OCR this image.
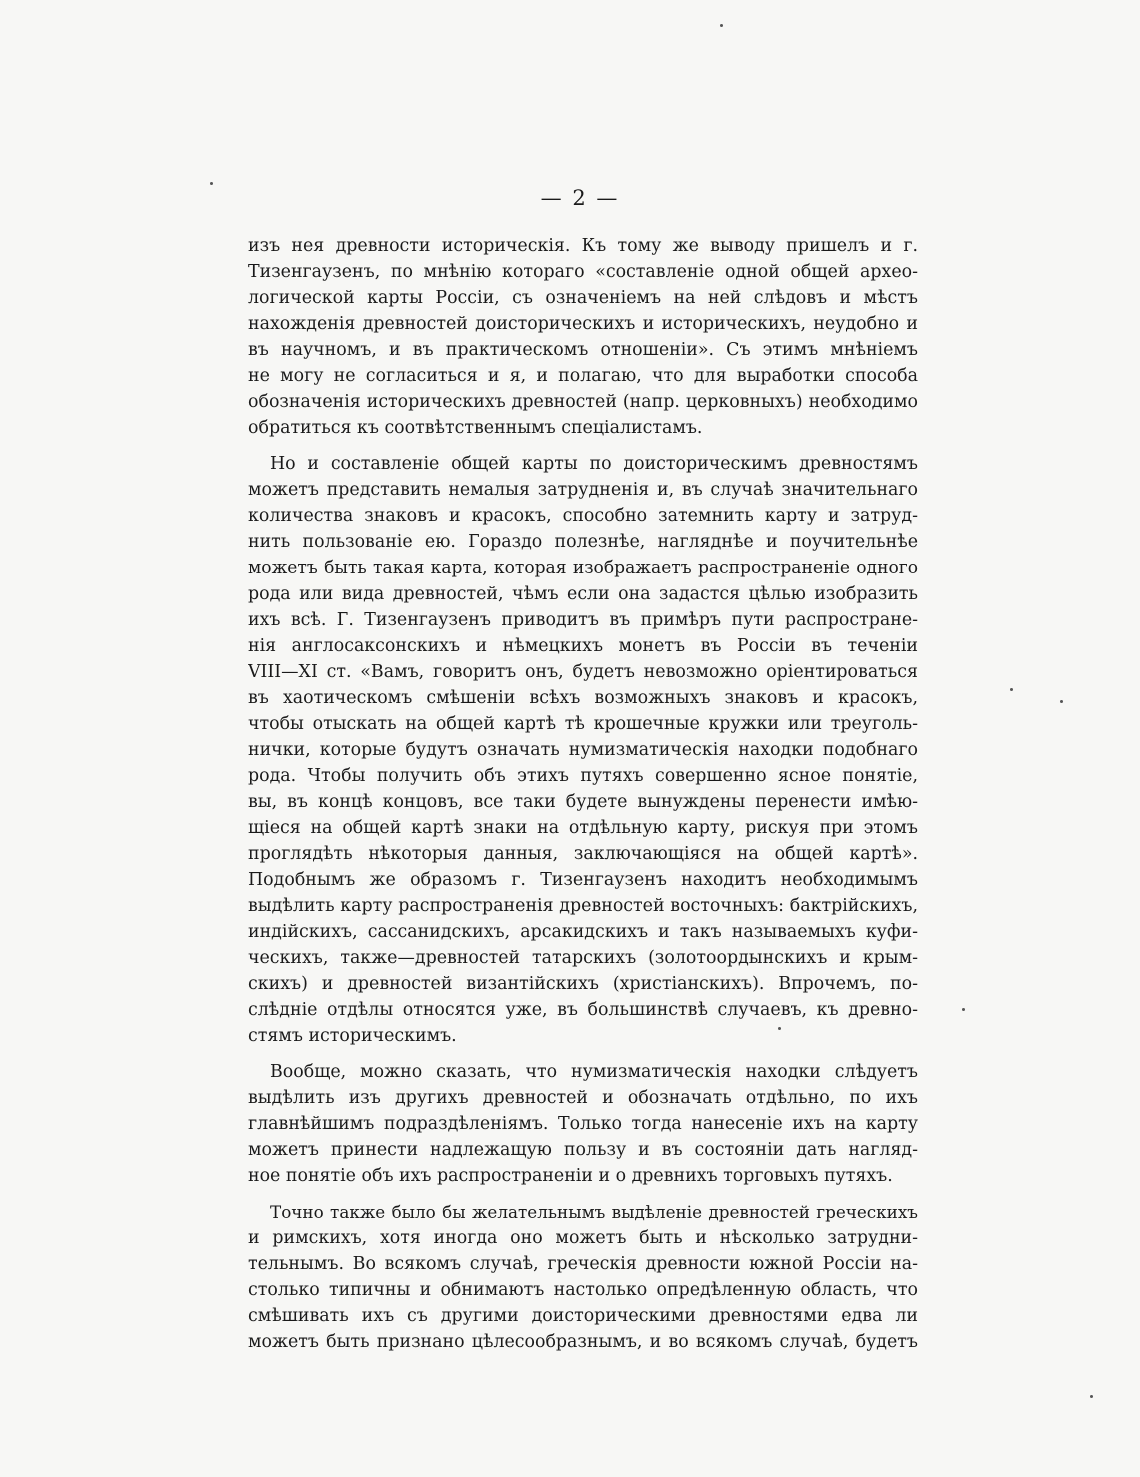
— 2 —
изъ нея древности историческія. Къ тому же выводу пришелъ и г.
Тизенгаузенъ, по мнѣнію котораго «составленіе одной общей архео-
логической карты Россіи, съ означеніемъ на ней слѣдовъ и мѣстъ
нахожденія древностей доисторическихъ и историческихъ, неудобно и
въ научномъ, и въ практическомъ отношеніи». Съ этимъ мнѣніемъ
не могу не согласиться и я, и полагаю, что для выработки способа
обозначенія историческихъ древностей (напр. церковныхъ) необходимо
обратиться къ соотвѣтственнымъ спеціалистамъ.
Но и составленіе общей карты по доисторическимъ древностямъ
можетъ представить немалыя затрудненія и, въ случаѣ значительнаго
количества знаковъ и красокъ, способно затемнить карту и затруд-
нить пользованіе ею. Гораздо полезнѣе, нагляднѣе и поучительнѣе
можетъ быть такая карта, которая изображаетъ распространеніе одного
рода или вида древностей, чѣмъ если она задастся цѣлью изобразить
ихъ всѣ. Г. Тизенгаузенъ приводитъ въ примѣръ пути распростране-
нія англосаксонскихъ и нѣмецкихъ монетъ въ Россіи въ теченіи
VIII—XI ст. «Вамъ, говоритъ онъ, будетъ невозможно оріентироваться
въ хаотическомъ смѣшеніи всѣхъ возможныхъ знаковъ и красокъ,
чтобы отыскать на общей картѣ тѣ крошечные кружки или треуголь-
нички, которые будутъ означать нумизматическія находки подобнаго
рода. Чтобы получить объ этихъ путяхъ совершенно ясное понятіе,
вы, въ концѣ концовъ, все таки будете вынуждены перенести имѣю-
щіеся на общей картѣ знаки на отдѣльную карту, рискуя при этомъ
проглядѣть нѣкоторыя данныя, заключающіяся на общей картѣ».
Подобнымъ же образомъ г. Тизенгаузенъ находитъ необходимымъ
выдѣлить карту распространенія древностей восточныхъ: бактрійскихъ,
индійскихъ, сассанидскихъ, арсакидскихъ и такъ называемыхъ куфи-
ческихъ, также—древностей татарскихъ (золотоордынскихъ и крым-
скихъ) и древностей византійскихъ (христіанскихъ). Впрочемъ, по-
слѣдніе отдѣлы относятся уже, въ большинствѣ случаевъ, къ древно-
стямъ историческимъ.
Вообще, можно сказать, что нумизматическія находки слѣдуетъ
выдѣлить изъ другихъ древностей и обозначать отдѣльно, по ихъ
главнѣйшимъ подраздѣленіямъ. Только тогда нанесеніе ихъ на карту
можетъ принести надлежащую пользу и въ состояніи дать нагляд-
ное понятіе объ ихъ распространеніи и о древнихъ торговыхъ путяхъ.
Точно также было бы желательнымъ выдѣленіе древностей греческихъ
и римскихъ, хотя иногда оно можетъ быть и нѣсколько затрудни-
тельнымъ. Во всякомъ случаѣ, греческія древности южной Россіи на-
столько типичны и обнимаютъ настолько опредѣленную область, что
смѣшивать ихъ съ другими доисторическими древностями едва ли
можетъ быть признано цѣлесообразнымъ, и во всякомъ случаѣ, будетъ
